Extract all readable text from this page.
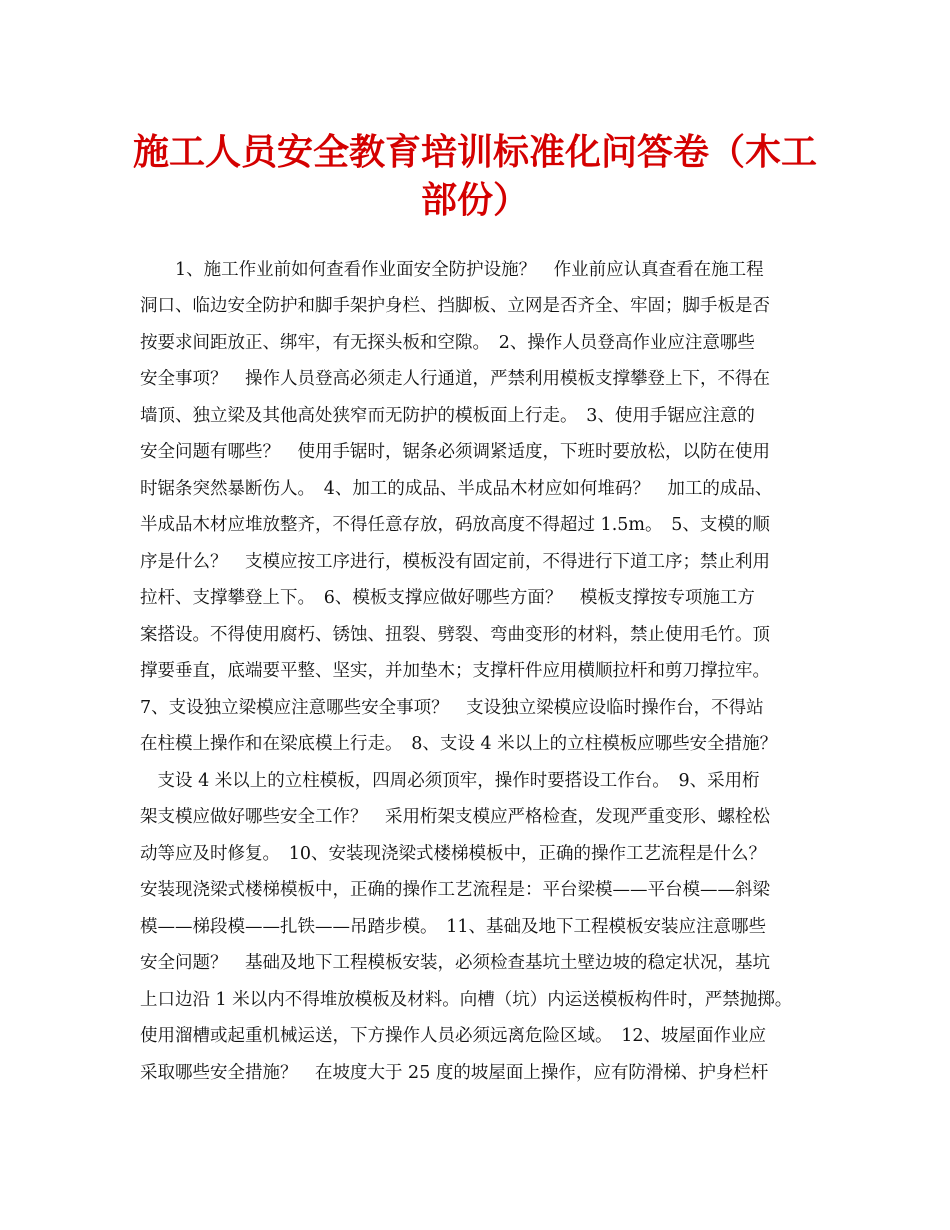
施工人员安全教育培训标准化问答卷（木工
部份）
　　1、施工作业前如何查看作业面安全防护设施？　作业前应认真查看在施工程
洞口、临边安全防护和脚手架护身栏、挡脚板、立网是否齐全、牢固；脚手板是否
按要求间距放正、绑牢，有无探头板和空隙。　2、操作人员登高作业应注意哪些
安全事项？　操作人员登高必须走人行通道，严禁利用模板支撑攀登上下，不得在
墙顶、独立梁及其他高处狭窄而无防护的模板面上行走。　3、使用手锯应注意的
安全问题有哪些？　使用手锯时，锯条必须调紧适度，下班时要放松，以防在使用
时锯条突然暴断伤人。　4、加工的成品、半成品木材应如何堆码？　加工的成品、
半成品木材应堆放整齐，不得任意存放，码放高度不得超过 1.5m。　5、支模的顺
序是什么？　支模应按工序进行，模板没有固定前，不得进行下道工序；禁止利用
拉杆、支撑攀登上下。　6、模板支撑应做好哪些方面？　模板支撑按专项施工方
案搭设。不得使用腐朽、锈蚀、扭裂、劈裂、弯曲变形的材料，禁止使用毛竹。顶
撑要垂直，底端要平整、坚实，并加垫木；支撑杆件应用横顺拉杆和剪刀撑拉牢。
7、支设独立梁模应注意哪些安全事项？　支设独立梁模应设临时操作台，不得站
在柱模上操作和在梁底模上行走。　8、支设 4 米以上的立柱模板应哪些安全措施？
　支设 4 米以上的立柱模板，四周必须顶牢，操作时要搭设工作台。　9、采用桁
架支模应做好哪些安全工作？　采用桁架支模应严格检查，发现严重变形、螺栓松
动等应及时修复。　10、安装现浇梁式楼梯模板中，正确的操作工艺流程是什么？
安装现浇梁式楼梯模板中，正确的操作工艺流程是：平台梁模——平台模——斜梁
模——梯段模——扎铁——吊踏步模。　11、基础及地下工程模板安装应注意哪些
安全问题？　基础及地下工程模板安装，必须检查基坑土壁边坡的稳定状况，基坑
上口边沿 1 米以内不得堆放模板及材料。向槽（坑）内运送模板构件时，严禁抛掷。
使用溜槽或起重机械运送，下方操作人员必须远离危险区域。　12、坡屋面作业应
采取哪些安全措施？　在坡度大于 25 度的坡屋面上操作，应有防滑梯、护身栏杆
